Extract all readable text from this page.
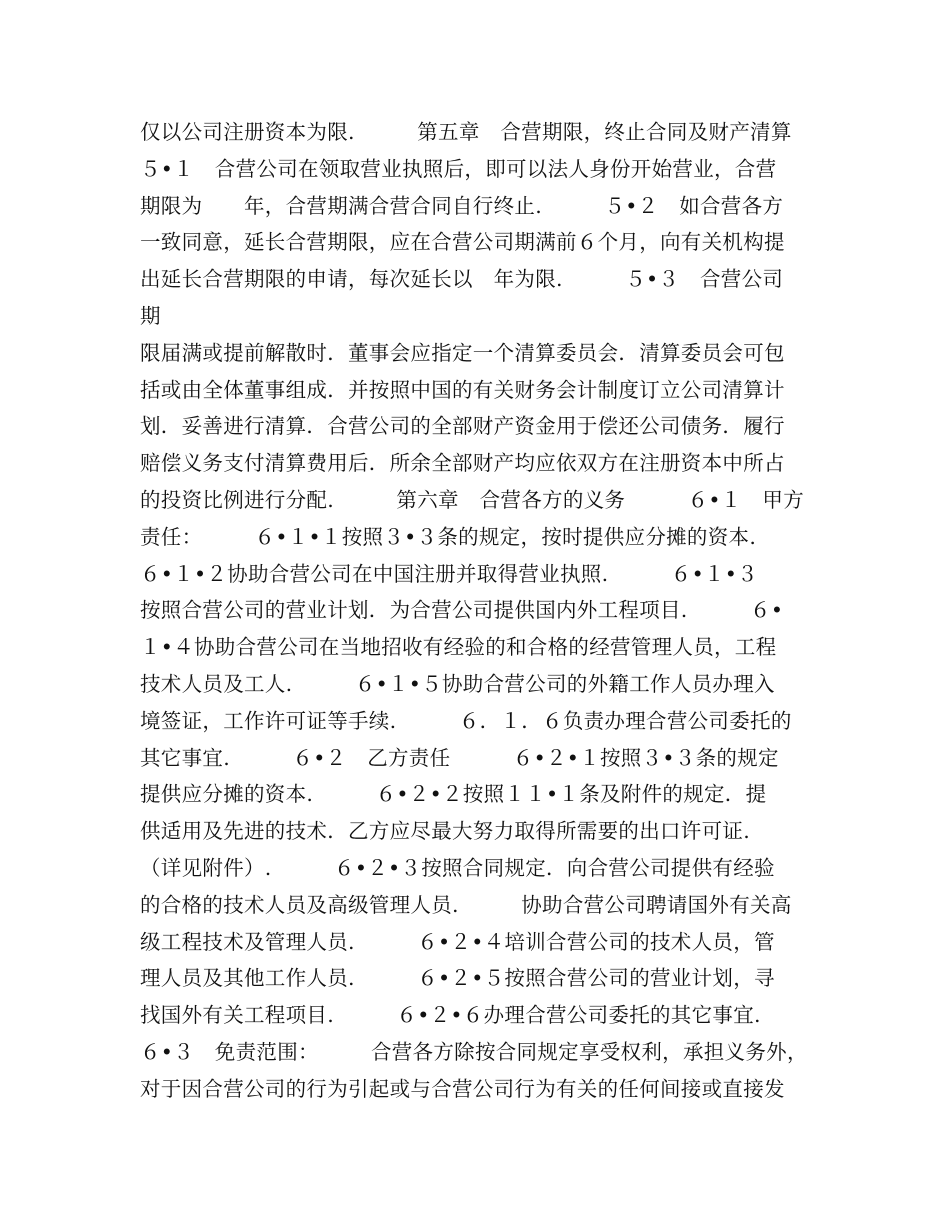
仅以公司注册资本为限.　　　第五章　合营期限，终止合同及财产清算
５•１　合营公司在领取营业执照后，即可以法人身份开始营业，合营
期限为　　年，合营期满合营合同自行终止.　　　５•２　如合营各方
一致同意，延长合营期限，应在合营公司期满前６个月，向有关机构提
出延长合营期限的申请，每次延长以　年为限.　　　５•３　合营公司
期
限届满或提前解散时．董事会应指定一个清算委员会．清算委员会可包
括或由全体董事组成．并按照中国的有关财务会计制度订立公司清算计
划．妥善进行清算．合营公司的全部财产资金用于偿还公司债务．履行
赔偿义务支付清算费用后．所余全部财产均应依双方在注册资本中所占
的投资比例进行分配.　　　第六章　合营各方的义务　　　６•１　甲方
责任：　　　６•１•１按照３•３条的规定，按时提供应分摊的资本.
６•１•２协助合营公司在中国注册并取得营业执照.　　　６•１•３
按照合营公司的营业计划．为合营公司提供国内外工程项目.　　　６•
１•４协助合营公司在当地招收有经验的和合格的经营管理人员，工程
技术人员及工人.　　　６•１•５协助合营公司的外籍工作人员办理入
境签证，工作许可证等手续.　　　６．１．６负责办理合营公司委托的
其它事宜.　　　６•２　乙方责任　　　６•２•１按照３•３条的规定
提供应分摊的资本.　　　６•２•２按照１１•１条及附件的规定．提
供适用及先进的技术．乙方应尽最大努力取得所需要的出口许可证.
（详见附件）.　　　６•２•３按照合同规定．向合营公司提供有经验
的合格的技术人员及高级管理人员.　　　协助合营公司聘请国外有关高
级工程技术及管理人员.　　　６•２•４培训合营公司的技术人员，管
理人员及其他工作人员.　　　６•２•５按照合营公司的营业计划，寻
找国外有关工程项目.　　　６•２•６办理合营公司委托的其它事宜.
６•３　免责范围：　　　合营各方除按合同规定享受权利，承担义务外，
对于因合营公司的行为引起或与合营公司行为有关的任何间接或直接发
